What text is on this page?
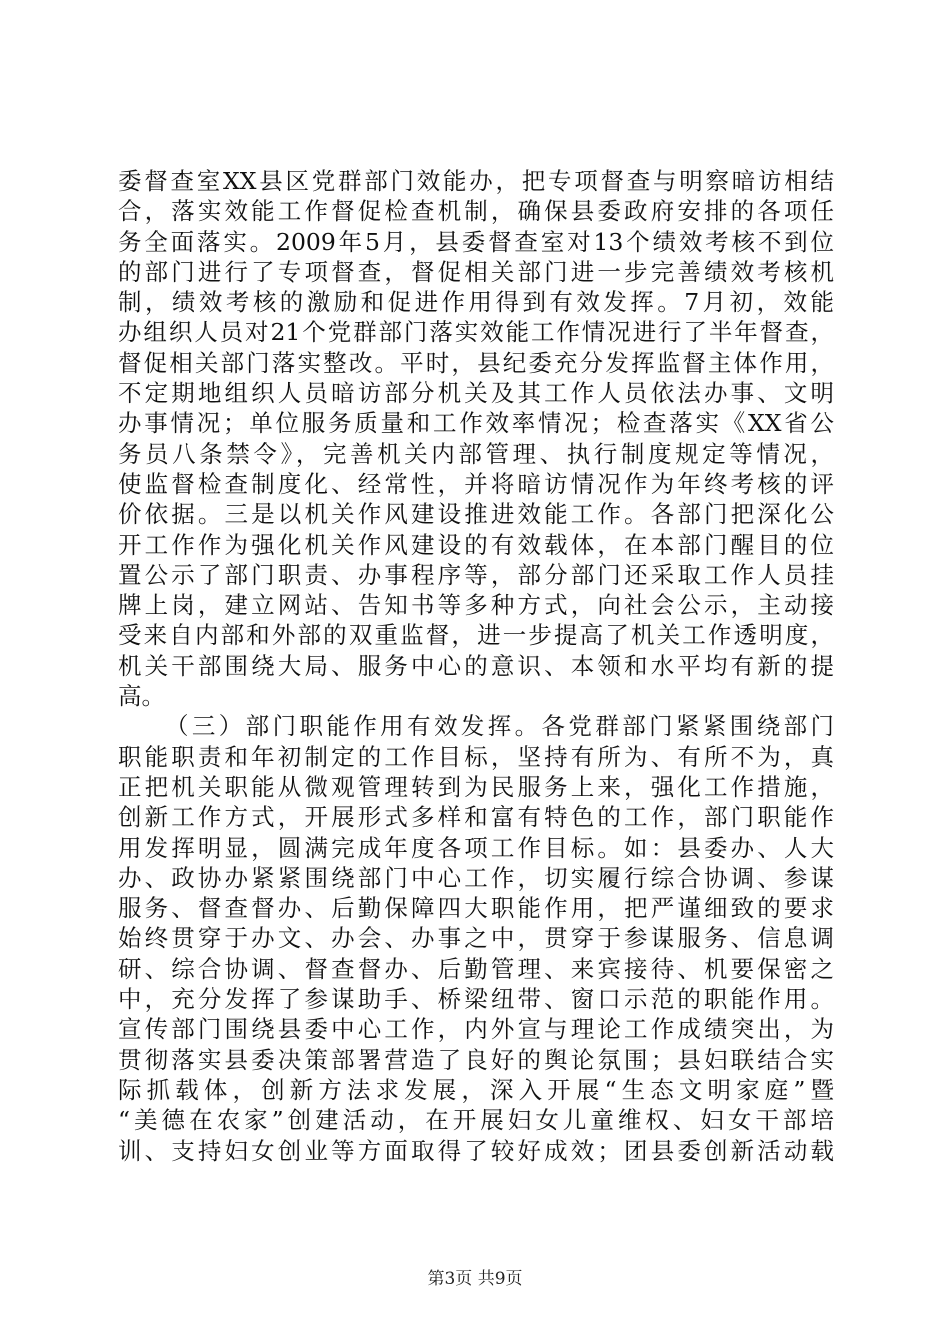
委督查室XX县区党群部门效能办，把专项督查与明察暗访相结
合，落实效能工作督促检查机制，确保县委政府安排的各项任
务全面落实。2009年5月，县委督查室对13个绩效考核不到位
的部门进行了专项督查，督促相关部门进一步完善绩效考核机
制，绩效考核的激励和促进作用得到有效发挥。7月初，效能
办组织人员对21个党群部门落实效能工作情况进行了半年督查，
督促相关部门落实整改。平时，县纪委充分发挥监督主体作用，
不定期地组织人员暗访部分机关及其工作人员依法办事、文明
办事情况；单位服务质量和工作效率情况；检查落实《XX省公
务员八条禁令》，完善机关内部管理、执行制度规定等情况，
使监督检查制度化、经常性，并将暗访情况作为年终考核的评
价依据。三是以机关作风建设推进效能工作。各部门把深化公
开工作作为强化机关作风建设的有效载体，在本部门醒目的位
置公示了部门职责、办事程序等，部分部门还采取工作人员挂
牌上岗，建立网站、告知书等多种方式，向社会公示，主动接
受来自内部和外部的双重监督，进一步提高了机关工作透明度，
机关干部围绕大局、服务中心的意识、本领和水平均有新的提
高。
（三）部门职能作用有效发挥。各党群部门紧紧围绕部门
职能职责和年初制定的工作目标，坚持有所为、有所不为，真
正把机关职能从微观管理转到为民服务上来，强化工作措施，
创新工作方式，开展形式多样和富有特色的工作，部门职能作
用发挥明显，圆满完成年度各项工作目标。如：县委办、人大
办、政协办紧紧围绕部门中心工作，切实履行综合协调、参谋
服务、督查督办、后勤保障四大职能作用，把严谨细致的要求
始终贯穿于办文、办会、办事之中，贯穿于参谋服务、信息调
研、综合协调、督查督办、后勤管理、来宾接待、机要保密之
中，充分发挥了参谋助手、桥梁纽带、窗口示范的职能作用。
宣传部门围绕县委中心工作，内外宣与理论工作成绩突出，为
贯彻落实县委决策部署营造了良好的舆论氛围；县妇联结合实
际抓载体，创新方法求发展，深入开展“生态文明家庭”暨
“美德在农家”创建活动，在开展妇女儿童维权、妇女干部培
训、支持妇女创业等方面取得了较好成效；团县委创新活动载
第3页 共9页
